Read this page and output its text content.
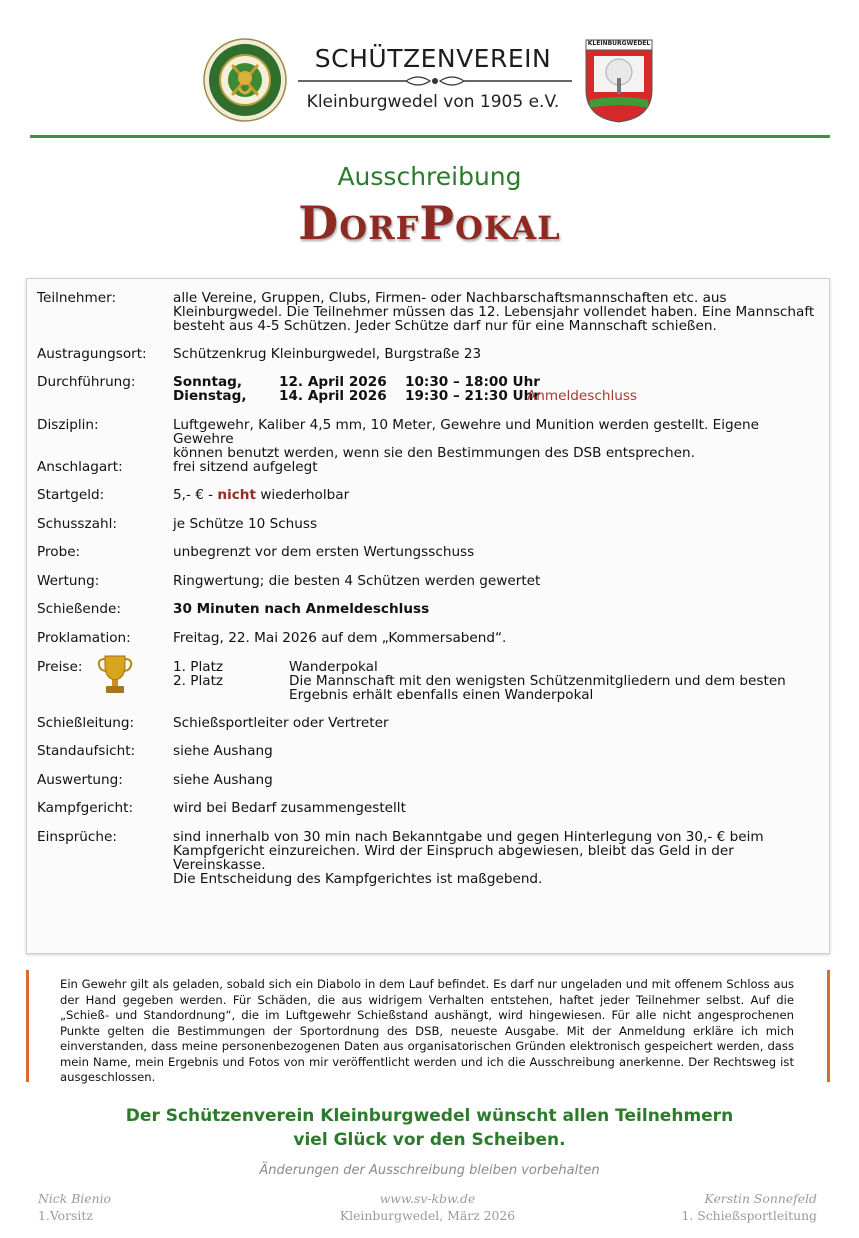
SCHÜTZENVEREIN
Kleinburgwedel von 1905 e.V.
KLEINBURGWEDEL
Ausschreibung
DorfPokal
Teilnehmer:	alle Vereine, Gruppen, Clubs, Firmen- oder Nachbarschaftsmannschaften etc. aus
Kleinburgwedel. Die Teilnehmer müssen das 12. Lebensjahr vollendet haben. Eine Mannschaft
besteht aus 4-5 Schützen. Jeder Schütze darf nur für eine Mannschaft schießen.
Austragungsort:	Schützenkrug Kleinburgwedel, Burgstraße 23
Durchführung:	Sonntag,	12. April 2026	10:30 – 18:00 Uhr
Dienstag,	14. April 2026	19:30 – 21:30 Uhr
Anmeldeschluss
Disziplin:	Luftgewehr, Kaliber 4,5 mm, 10 Meter, Gewehre und Munition werden gestellt. Eigene Gewehre
können benutzt werden, wenn sie den Bestimmungen des DSB entsprechen.
Anschlagart:	frei sitzend aufgelegt
Startgeld:	5,- € - nicht wiederholbar
Schusszahl:	je Schütze 10 Schuss
Probe:	unbegrenzt vor dem ersten Wertungsschuss
Wertung:	Ringwertung; die besten 4 Schützen werden gewertet
Schießende:	30 Minuten nach Anmeldeschluss
Proklamation:	Freitag, 22. Mai 2026 auf dem „Kommersabend“.
Preise:	1. Platz	Wanderpokal
2. Platz	Die Mannschaft mit den wenigsten Schützenmitgliedern und dem besten
Ergebnis erhält ebenfalls einen Wanderpokal
Schießleitung:	Schießsportleiter oder Vertreter
Standaufsicht:	siehe Aushang
Auswertung:	siehe Aushang
Kampfgericht:	wird bei Bedarf zusammengestellt
Einsprüche:	sind innerhalb von 30 min nach Bekanntgabe und gegen Hinterlegung von 30,- € beim
Kampfgericht einzureichen. Wird der Einspruch abgewiesen, bleibt das Geld in der Vereinskasse.
Die Entscheidung des Kampfgerichtes ist maßgebend.
Ein Gewehr gilt als geladen, sobald sich ein Diabolo in dem Lauf befindet. Es darf nur ungeladen und mit offenem Schloss aus der Hand gegeben werden. Für Schäden, die aus widrigem Verhalten entstehen, haftet jeder Teilnehmer selbst. Auf die „Schieß- und Standordnung“, die im Luftgewehr Schießstand aushängt, wird hingewiesen. Für alle nicht angesprochenen Punkte gelten die Bestimmungen der Sportordnung des DSB, neueste Ausgabe. Mit der Anmeldung erkläre ich mich einverstanden, dass meine personenbezogenen Daten aus organisatorischen Gründen elektronisch gespeichert werden, dass mein Name, mein Ergebnis und Fotos von mir veröffentlicht werden und ich die Ausschreibung anerkenne. Der Rechtsweg ist ausgeschlossen.
Der Schützenverein Kleinburgwedel wünscht allen Teilnehmern
viel Glück vor den Scheiben.
Änderungen der Ausschreibung bleiben vorbehalten
Nick Bienio
1.Vorsitz
www.sv-kbw.de
Kleinburgwedel, März 2026
Kerstin Sonnefeld
1. Schießsportleitung
